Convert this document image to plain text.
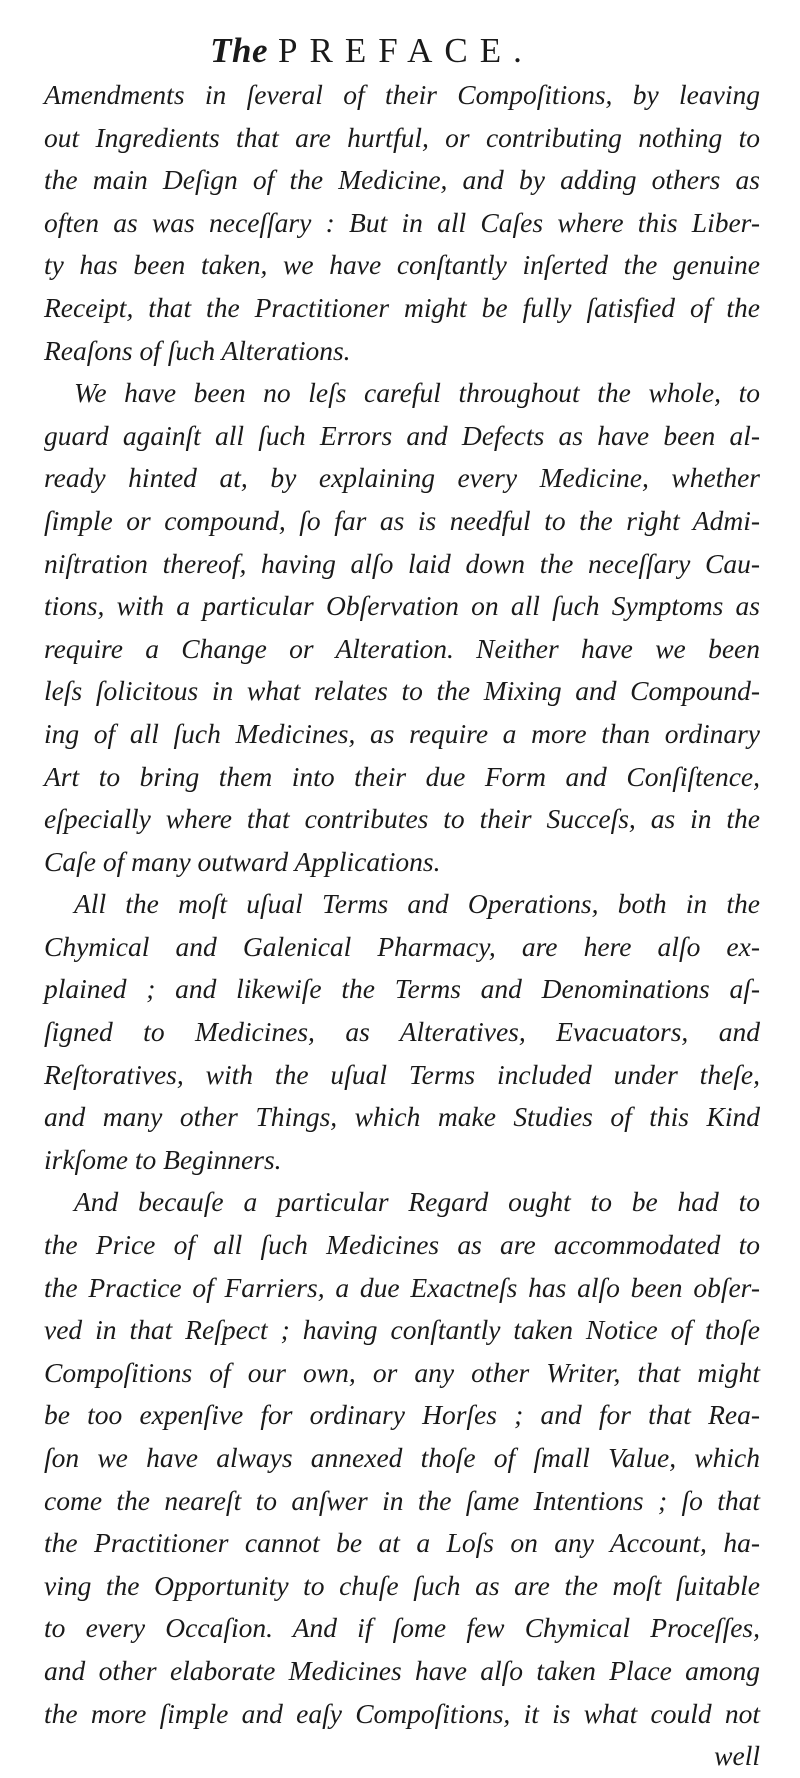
The PREFACE.
Amendments in ſeveral of their Compoſitions, by leaving
out Ingredients that are hurtful, or contributing nothing to
the main Deſign of the Medicine, and by adding others as
often as was neceſſary : But in all Caſes where this Liber-
ty has been taken, we have conſtantly inſerted the genuine
Receipt, that the Practitioner might be fully ſatisfied of the
Reaſons of ſuch Alterations.
We have been no leſs careful throughout the whole, to
guard againſt all ſuch Errors and Defects as have been al-
ready hinted at, by explaining every Medicine, whether
ſimple or compound, ſo far as is needful to the right Admi-
niſtration thereof, having alſo laid down the neceſſary Cau-
tions, with a particular Obſervation on all ſuch Symptoms as
require a Change or Alteration. Neither have we been
leſs ſolicitous in what relates to the Mixing and Compound-
ing of all ſuch Medicines, as require a more than ordinary
Art to bring them into their due Form and Conſiſtence,
eſpecially where that contributes to their Succeſs, as in the
Caſe of many outward Applications.
All the moſt uſual Terms and Operations, both in the
Chymical and Galenical Pharmacy, are here alſo ex-
plained ; and likewiſe the Terms and Denominations aſ-
ſigned to Medicines, as Alteratives, Evacuators, and
Reſtoratives, with the uſual Terms included under theſe,
and many other Things, which make Studies of this Kind
irkſome to Beginners.
And becauſe a particular Regard ought to be had to
the Price of all ſuch Medicines as are accommodated to
the Practice of Farriers, a due Exactneſs has alſo been obſer-
ved in that Reſpect ; having conſtantly taken Notice of thoſe
Compoſitions of our own, or any other Writer, that might
be too expenſive for ordinary Horſes ; and for that Rea-
ſon we have always annexed thoſe of ſmall Value, which
come the neareſt to anſwer in the ſame Intentions ; ſo that
the Practitioner cannot be at a Loſs on any Account, ha-
ving the Opportunity to chuſe ſuch as are the moſt ſuitable
to every Occaſion. And if ſome few Chymical Proceſſes,
and other elaborate Medicines have alſo taken Place among
the more ſimple and eaſy Compoſitions, it is what could not
well
